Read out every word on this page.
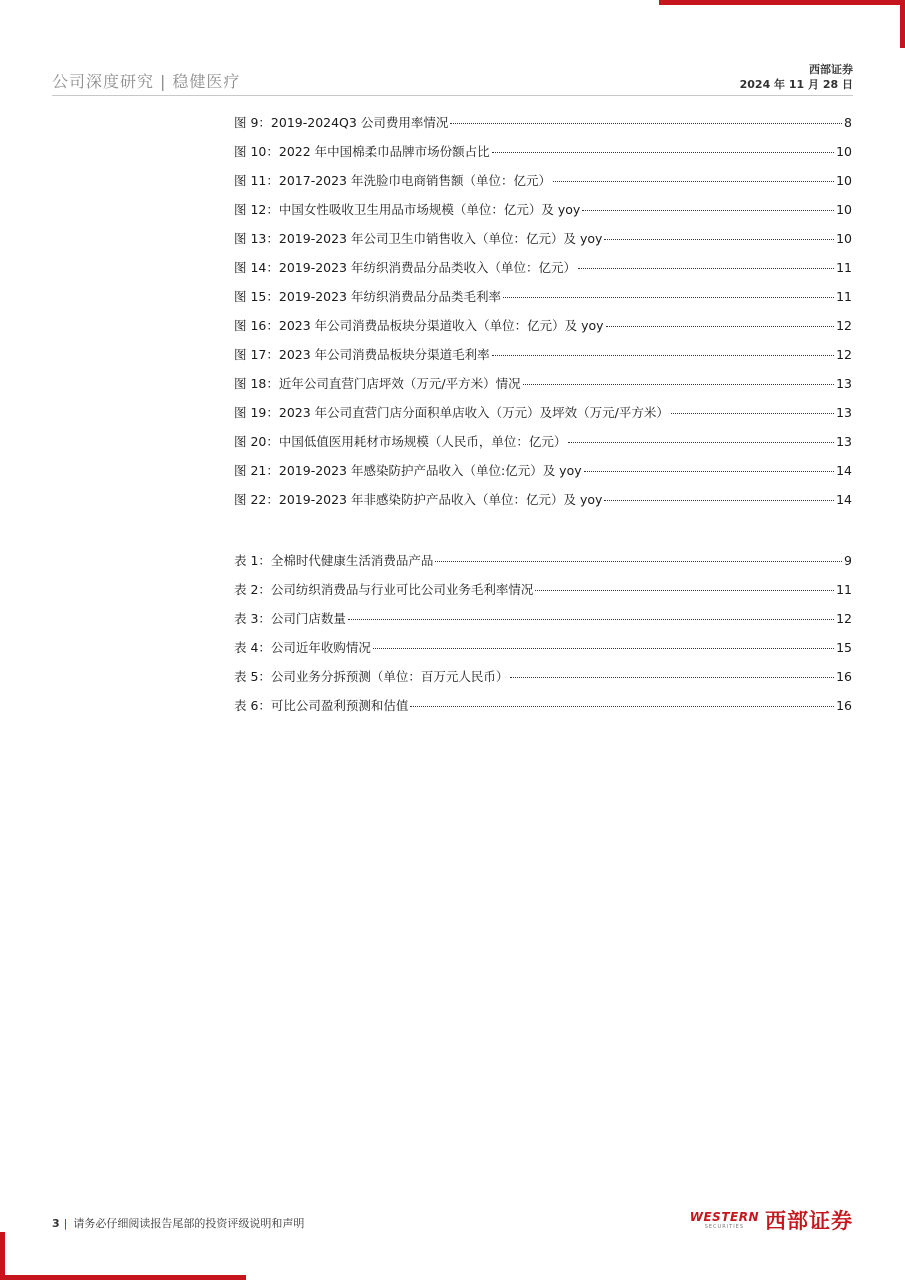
公司深度研究 | 稳健医疗
西部证券
2024 年 11 月 28 日
图 9：2019-2024Q3 公司费用率情况	8
图 10：2022 年中国棉柔巾品牌市场份额占比	10
图 11：2017-2023 年洗脸巾电商销售额（单位：亿元）	10
图 12：中国女性吸收卫生用品市场规模（单位：亿元）及 yoy	10
图 13：2019-2023 年公司卫生巾销售收入（单位：亿元）及 yoy	10
图 14：2019-2023 年纺织消费品分品类收入（单位：亿元）	11
图 15：2019-2023 年纺织消费品分品类毛利率	11
图 16：2023 年公司消费品板块分渠道收入（单位：亿元）及 yoy	12
图 17：2023 年公司消费品板块分渠道毛利率	12
图 18：近年公司直营门店坪效（万元/平方米）情况	13
图 19：2023 年公司直营门店分面积单店收入（万元）及坪效（万元/平方米）	13
图 20：中国低值医用耗材市场规模（人民币，单位：亿元）	13
图 21：2019-2023 年感染防护产品收入（单位:亿元）及 yoy	14
图 22：2019-2023 年非感染防护产品收入（单位：亿元）及 yoy	14
表 1：全棉时代健康生活消费品产品	9
表 2：公司纺织消费品与行业可比公司业务毛利率情况	11
表 3：公司门店数量	12
表 4：公司近年收购情况	15
表 5：公司业务分拆预测（单位：百万元人民币）	16
表 6：可比公司盈利预测和估值	16
3 | 请务必仔细阅读报告尾部的投资评级说明和声明	WESTERN
SECURITIES 西部证券
